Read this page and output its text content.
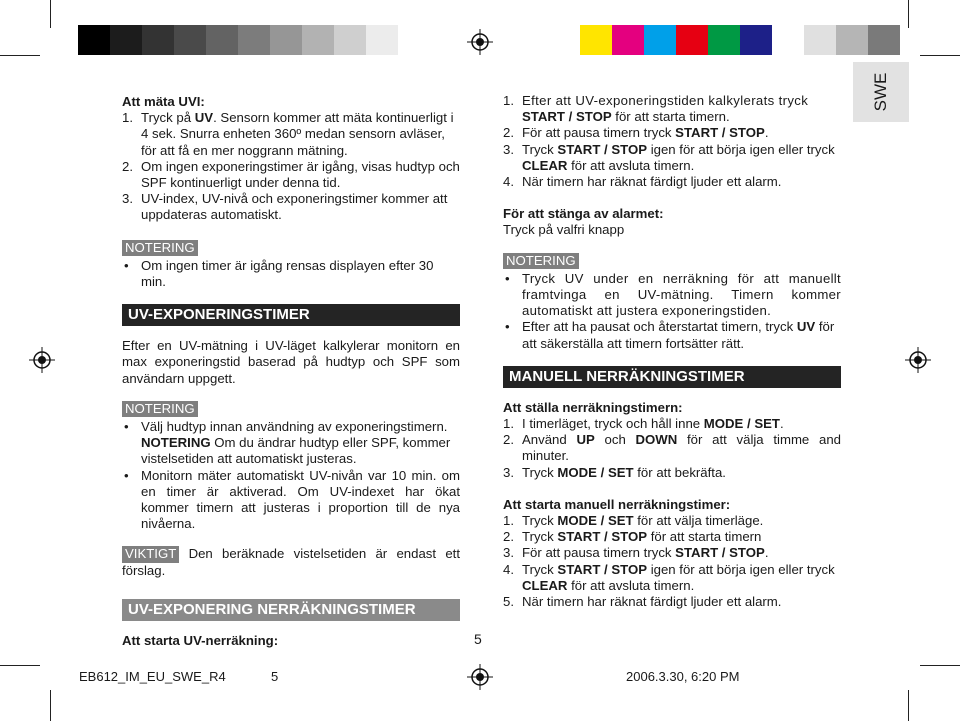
SWE

Att mäta UVI:

1. Tryck på UV. Sensorn kommer att mäta kontinuerligt i 4 sek. Snurra enheten 360º medan sensorn avläser, för att få en mer noggrann mätning.
2. Om ingen exponeringstimer är igång, visas hudtyp och SPF kontinuerligt under denna tid.
3. UV-index, UV-nivå och exponeringstimer kommer att uppdateras automatiskt.
NOTERING
• Om ingen timer är igång rensas displayen efter 30 min.
UV-EXPONERINGSTIMER

Efter en UV-mätning i UV-läget kalkylerar monitorn en max exponeringstid baserad på hudtyp och SPF som användarn uppgett.

NOTERING
• Välj hudtyp innan användning av exponeringstimern.
NOTERING Om du ändrar hudtyp eller SPF, kommer vistelsetiden att automatiskt justeras.
• Monitorn mäter automatiskt UV-nivån var 10 min. om en timer är aktiverad. Om UV-indexet har ökat kommer timern att justeras i proportion till de nya nivåerna.

VIKTIGT Den beräknade vistelsetiden är endast ett förslag.

UV-EXPONERING NERRÄKNINGSTIMER

Att starta UV-nerräkning:

1. Efter att UV-exponeringstiden kalkylerats tryck
START / STOP för att starta timern.
2. För att pausa timern tryck START / STOP.
3. Tryck START / STOP igen för att börja igen eller tryck
CLEAR för att avsluta timern.
4. När timern har räknat färdigt ljuder ett alarm.

För att stänga av alarmet:

Tryck på valfri knapp

NOTERING
• Tryck UV under en nerräkning för att manuellt framtvinga en UV-mätning. Timern kommer automatiskt att justera exponeringstiden.
• Efter att ha pausat och återstartat timern, tryck UV för att säkerställa att timern fortsätter rätt.
MANUELL NERRÄKNINGSTIMER

Att ställa nerräkningstimern:

1. I timerläget, tryck och håll inne MODE / SET.
2. Använd UP och DOWN för att välja timme and minuter.
3. Tryck MODE / SET för att bekräfta.

Att starta manuell nerräkningstimer:

1. Tryck MODE / SET för att välja timerläge.
2. Tryck START / STOP för att starta timern
3. För att pausa timern tryck START / STOP.
4. Tryck START / STOP igen för att börja igen eller tryck
CLEAR för att avsluta timern.
5. När timern har räknat färdigt ljuder ett alarm.
5
EB612_IM_EU_SWE_R4	5	2006.3.30, 6:20 PM
